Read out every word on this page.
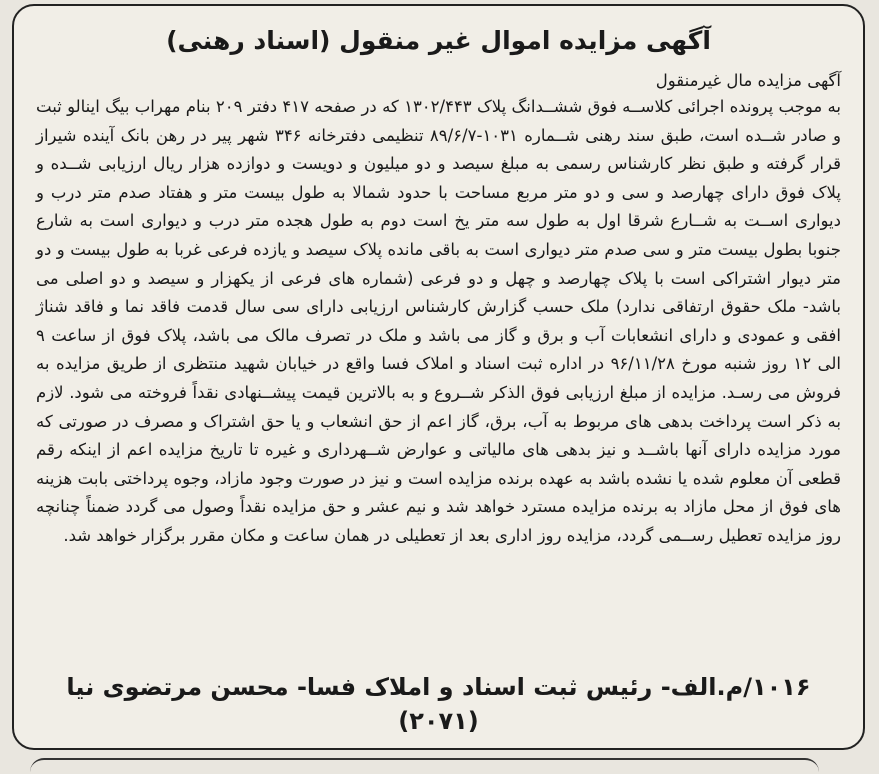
آگهی مزایده اموال غیر منقول (اسناد رهنی)

آگهی مزایده مال غیرمنقول

به موجب پرونده اجرائی کلاســه فوق ششــدانگ پلاک ۱۳۰۲/۴۴۳ که در صفحه ۴۱۷ دفتر ۲۰۹ بنام مهراب بیگ اینالو ثبت و صادر شــده است، طبق سند رهنی شــماره ۱۰۳۱-۸۹/۶/۷ تنظیمی دفترخانه ۳۴۶ شهر پیر در رهن بانک آینده شیراز قرار گرفته و طبق نظر کارشناس رسمی به مبلغ سیصد و دو میلیون و دویست و دوازده هزار ریال ارزیابی شــده و پلاک فوق دارای چهارصد و سی و دو متر مربع مساحت با حدود شمالا به طول بیست متر و هفتاد صدم متر درب و دیواری اســت به شــارع شرقا اول به طول سه متر یخ است دوم به طول هجده متر درب و دیواری است به شارع جنوبا بطول بیست متر و سی صدم متر دیواری است به باقی مانده پلاک سیصد و یازده فرعی غربا به طول بیست و دو متر دیوار اشتراکی است با پلاک چهارصد و چهل و دو فرعی (شماره های فرعی از یکهزار و سیصد و دو اصلی می باشد- ملک حقوق ارتفاقی ندارد) ملک حسب گزارش کارشناس ارزیابی دارای سی سال قدمت فاقد نما و فاقد شناژ افقی و عمودی و دارای انشعابات آب و برق و گاز می باشد و ملک در تصرف مالک می باشد، پلاک فوق از ساعت ۹ الی ۱۲ روز شنبه مورخ ۹۶/۱۱/۲۸ در اداره ثبت اسناد و املاک فسا واقع در خیابان شهید منتظری از طریق مزایده به فروش می رسـد. مزایده از مبلغ ارزیابی فوق الذکر شــروع و به بالاترین قیمت پیشــنهادی نقداً فروخته می شود. لازم به ذکر است پرداخت بدهی های مربوط به آب، برق، گاز اعم از حق انشعاب و یا حق اشتراک و مصرف در صورتی که مورد مزایده دارای آنها باشــد و نیز بدهی های مالیاتی و عوارض شــهرداری و غیره تا تاریخ مزایده اعم از اینکه رقم قطعی آن معلوم شده یا نشده باشد به عهده برنده مزایده است و نیز در صورت وجود مازاد، وجوه پرداختی بابت هزینه های فوق از محل مازاد به برنده مزایده مسترد خواهد شد و نیم عشر و حق مزایده نقداً وصول می گردد ضمناً چنانچه روز مزایده تعطیل رســمی گردد، مزایده روز اداری بعد از تعطیلی در همان ساعت و مکان مقرر برگزار خواهد شد.

۱۰۱۶/م.الف- رئیس ثبت اسناد و املاک فسا- محسن مرتضوی نیا (۲۰۷۱)
